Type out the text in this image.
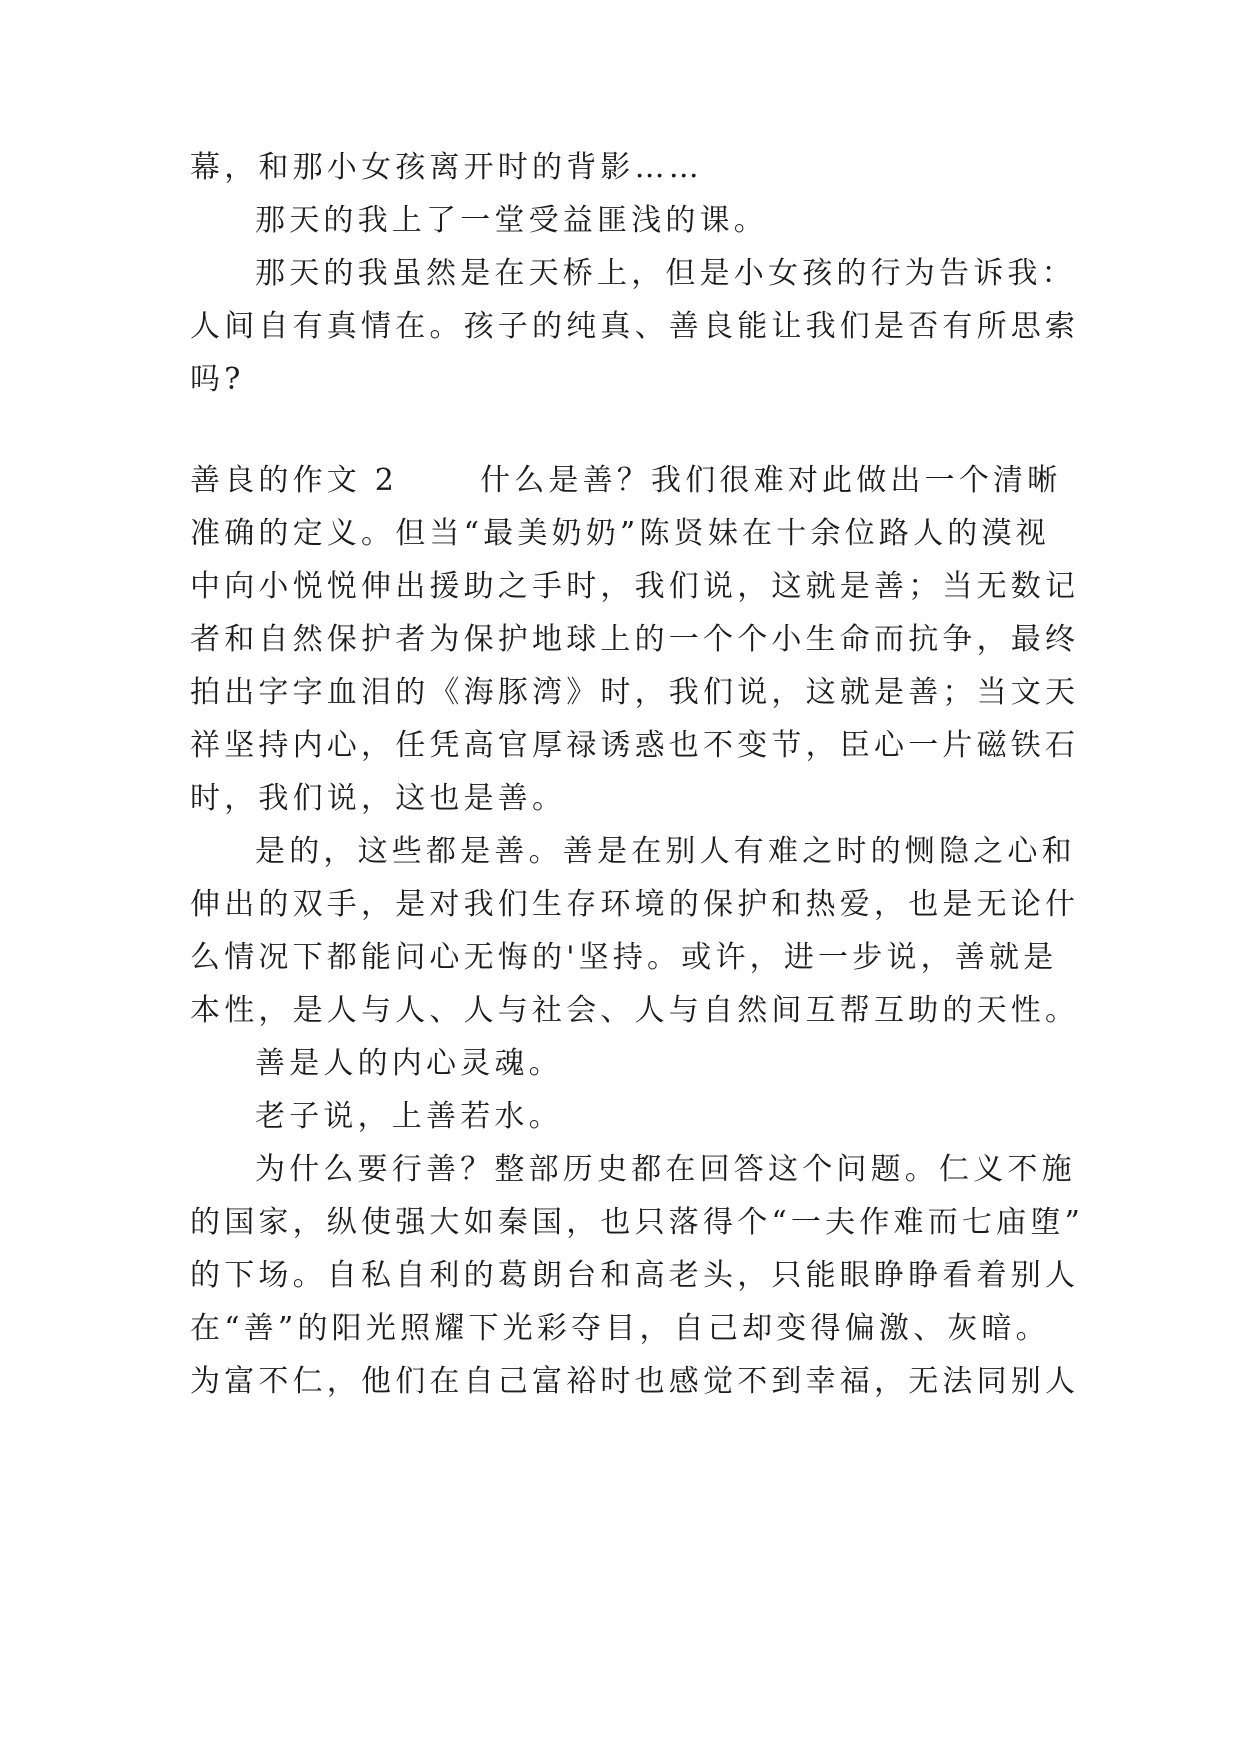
幕，和那小女孩离开时的背影……
那天的我上了一堂受益匪浅的课。
那天的我虽然是在天桥上，但是小女孩的行为告诉我：
人间自有真情在。孩子的纯真、善良能让我们是否有所思索
吗?
善良的作文 2	什么是善？我们很难对此做出一个清晰
准确的定义。但当“最美奶奶”陈贤妹在十余位路人的漠视
中向小悦悦伸出援助之手时，我们说，这就是善；当无数记
者和自然保护者为保护地球上的一个个小生命而抗争，最终
拍出字字血泪的《海豚湾》时，我们说，这就是善；当文天
祥坚持内心，任凭高官厚禄诱惑也不变节，臣心一片磁铁石
时，我们说，这也是善。
是的，这些都是善。善是在别人有难之时的恻隐之心和
伸出的双手，是对我们生存环境的保护和热爱，也是无论什
么情况下都能问心无悔的'坚持。或许，进一步说，善就是
本性，是人与人、人与社会、人与自然间互帮互助的天性。
善是人的内心灵魂。
老子说，上善若水。
为什么要行善？整部历史都在回答这个问题。仁义不施
的国家，纵使强大如秦国，也只落得个“一夫作难而七庙堕”
的下场。自私自利的葛朗台和高老头，只能眼睁睁看着别人
在“善”的阳光照耀下光彩夺目，自己却变得偏激、灰暗。
为富不仁，他们在自己富裕时也感觉不到幸福，无法同别人
